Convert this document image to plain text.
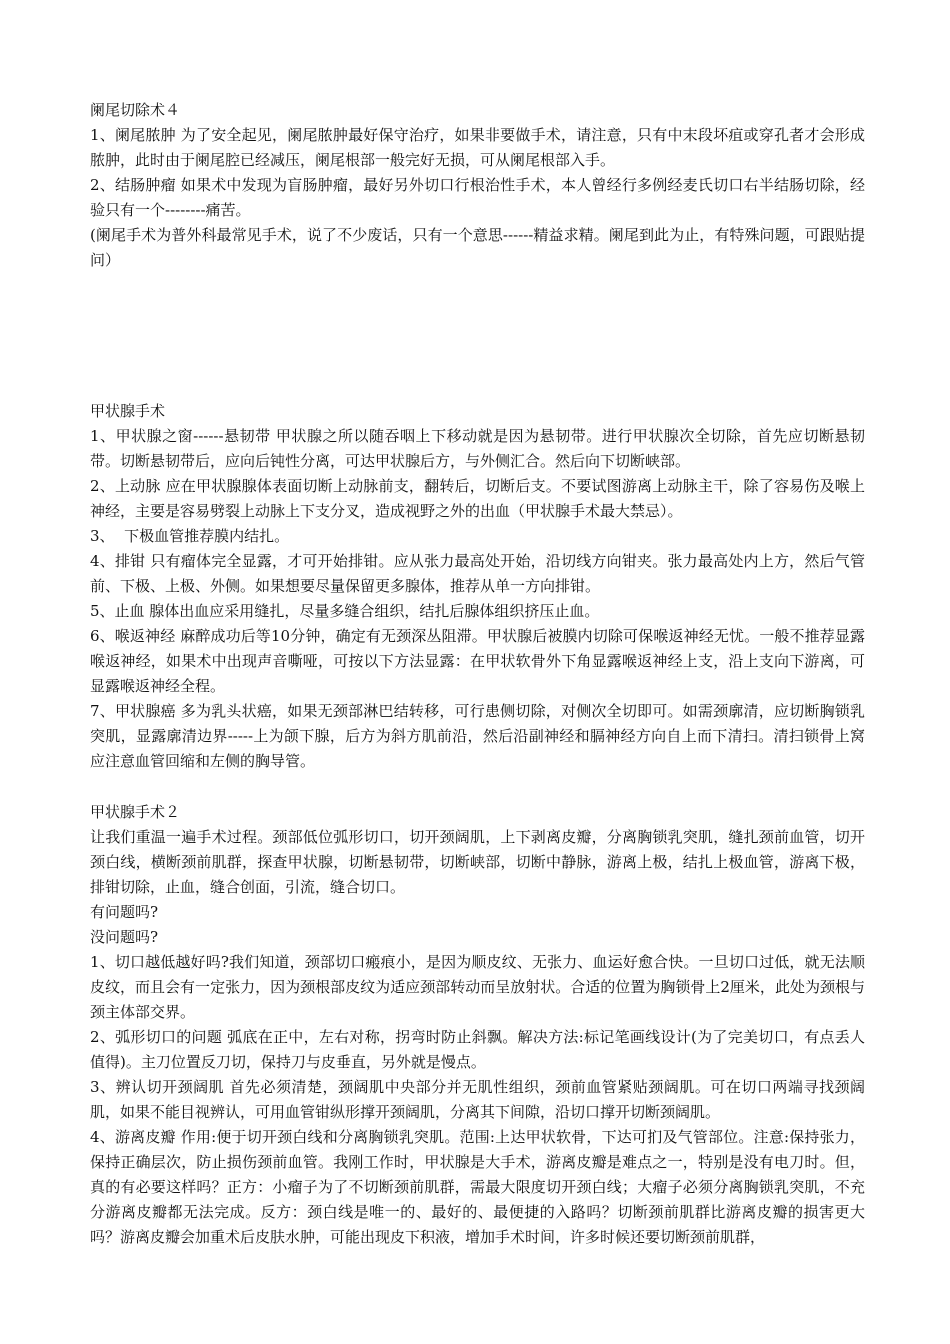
阑尾切除术４

1、阑尾脓肿 为了安全起见，阑尾脓肿最好保守治疗，如果非要做手术，请注意，只有中末段坏疽或穿孔者才会形成脓肿，此时由于阑尾腔已经减压，阑尾根部一般完好无损，可从阑尾根部入手。

2、结肠肿瘤 如果术中发现为盲肠肿瘤，最好另外切口行根治性手术，本人曾经行多例经麦氏切口右半结肠切除，经验只有一个--------痛苦。

(阑尾手术为普外科最常见手术，说了不少废话，只有一个意思------精益求精。阑尾到此为止，有特殊问题，可跟贴提问）

甲状腺手术

1、甲状腺之窗------悬韧带 甲状腺之所以随吞咽上下移动就是因为悬韧带。进行甲状腺次全切除，首先应切断悬韧带。切断悬韧带后，应向后钝性分离，可达甲状腺后方，与外侧汇合。然后向下切断峡部。

2、上动脉 应在甲状腺腺体表面切断上动脉前支，翻转后，切断后支。不要试图游离上动脉主干，除了容易伤及喉上神经，主要是容易劈裂上动脉上下支分叉，造成视野之外的出血（甲状腺手术最大禁忌）。

3、  下极血管推荐膜内结扎。

4、排钳 只有瘤体完全显露，才可开始排钳。应从张力最高处开始，沿切线方向钳夹。张力最高处内上方，然后气管前、下极、上极、外侧。如果想要尽量保留更多腺体，推荐从单一方向排钳。

5、止血 腺体出血应采用缝扎，尽量多缝合组织，结扎后腺体组织挤压止血。

6、喉返神经 麻醉成功后等10分钟，确定有无颈深丛阻滞。甲状腺后被膜内切除可保喉返神经无忧。一般不推荐显露喉返神经，如果术中出现声音嘶哑，可按以下方法显露：在甲状软骨外下角显露喉返神经上支，沿上支向下游离，可显露喉返神经全程。

7、甲状腺癌 多为乳头状癌，如果无颈部淋巴结转移，可行患侧切除，对侧次全切即可。如需颈廓清，应切断胸锁乳突肌，显露廓清边界-----上为颌下腺，后方为斜方肌前沿，然后沿副神经和膈神经方向自上而下清扫。清扫锁骨上窝应注意血管回缩和左侧的胸导管。

甲状腺手术２

让我们重温一遍手术过程。颈部低位弧形切口，切开颈阔肌，上下剥离皮瓣，分离胸锁乳突肌，缝扎颈前血管，切开颈白线，横断颈前肌群，探查甲状腺，切断悬韧带，切断峡部，切断中静脉，游离上极，结扎上极血管，游离下极，排钳切除，止血，缝合创面，引流，缝合切口。

有问题吗?

没问题吗?

1、切口越低越好吗?我们知道，颈部切口瘢痕小，是因为顺皮纹、无张力、血运好愈合快。一旦切口过低，就无法顺皮纹，而且会有一定张力，因为颈根部皮纹为适应颈部转动而呈放射状。合适的位置为胸锁骨上2厘米，此处为颈根与颈主体部交界。

2、弧形切口的问题 弧底在正中，左右对称，拐弯时防止斜飘。解决方法:标记笔画线设计(为了完美切口，有点丢人值得)。主刀位置反刀切，保持刀与皮垂直，另外就是慢点。

3、辨认切开颈阔肌 首先必须清楚，颈阔肌中央部分并无肌性组织，颈前血管紧贴颈阔肌。可在切口两端寻找颈阔肌，如果不能目视辨认，可用血管钳纵形撑开颈阔肌，分离其下间隙，沿切口撑开切断颈阔肌。

4、游离皮瓣 作用:便于切开颈白线和分离胸锁乳突肌。范围:上达甲状软骨，下达可扪及气管部位。注意:保持张力，保持正确层次，防止损伤颈前血管。我刚工作时，甲状腺是大手术，游离皮瓣是难点之一，特别是没有电刀时。但，真的有必要这样吗？正方：小瘤子为了不切断颈前肌群，需最大限度切开颈白线；大瘤子必须分离胸锁乳突肌，不充分游离皮瓣都无法完成。反方：颈白线是唯一的、最好的、最便捷的入路吗？切断颈前肌群比游离皮瓣的损害更大吗？游离皮瓣会加重术后皮肤水肿，可能出现皮下积液，增加手术时间，许多时候还要切断颈前肌群，
